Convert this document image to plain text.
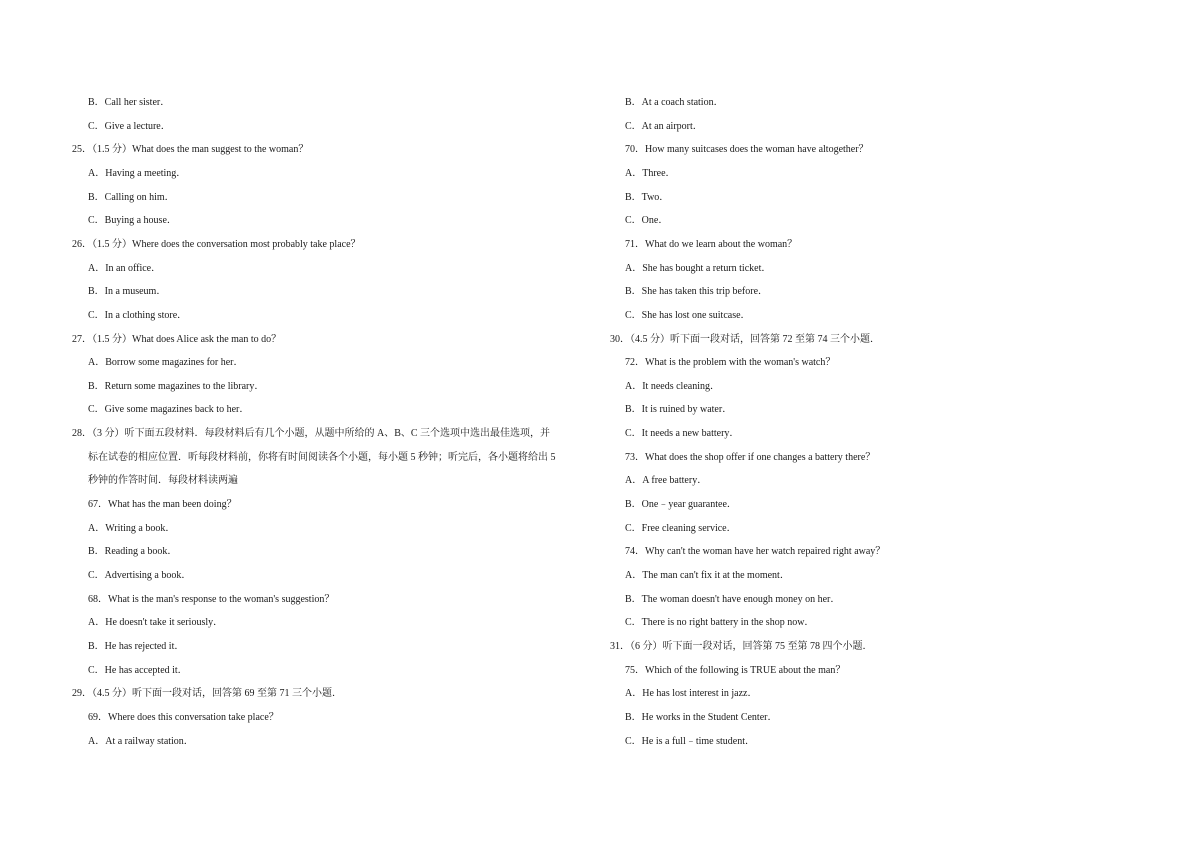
B．Call her sister．
C．Give a lecture．
25．（1.5 分）What does the man suggest to the woman？
A．Having a meeting．
B．Calling on him．
C．Buying a house．
26．（1.5 分）Where does the conversation most probably take place？
A．In an office．
B．In a museum．
C．In a clothing store．
27．（1.5 分）What does Alice ask the man to do？
A．Borrow some magazines for her．
B．Return some magazines to the library．
C．Give some magazines back to her．
28．（3 分）听下面五段材料．每段材料后有几个小题，从题中所给的 A、B、C 三个选项中选出最佳选项，并
标在试卷的相应位置．听每段材料前，你将有时间阅读各个小题，每小题 5 秒钟；听完后，各小题将给出 5
秒钟的作答时间．每段材料读两遍
67．What has the man been doing？
A．Writing a book．
B．Reading a book．
C．Advertising a book．
68．What is the man's response to the woman's suggestion？
A．He doesn't take it seriously．
B．He has rejected it．
C．He has accepted it．
29．（4.5 分）听下面一段对话，回答第 69 至第 71 三个小题．
69．Where does this conversation take place？
A．At a railway station．
B．At a coach station．
C．At an airport．
70．How many suitcases does the woman have altogether？
A．Three．
B．Two．
C．One．
71．What do we learn about the woman？
A．She has bought a return ticket．
B．She has taken this trip before．
C．She has lost one suitcase．
30．（4.5 分）听下面一段对话，回答第 72 至第 74 三个小题．
72．What is the problem with the woman's watch？
A．It needs cleaning．
B．It is ruined by water．
C．It needs a new battery．
73．What does the shop offer if one changes a battery there？
A．A free battery．
B．One﹣year guarantee．
C．Free cleaning service．
74．Why can't the woman have her watch repaired right away？
A．The man can't fix it at the moment．
B．The woman doesn't have enough money on her．
C．There is no right battery in the shop now．
31．（6 分）听下面一段对话，回答第 75 至第 78 四个小题．
75．Which of the following is TRUE about the man？
A．He has lost interest in jazz．
B．He works in the Student Center．
C．He is a full﹣time student．
